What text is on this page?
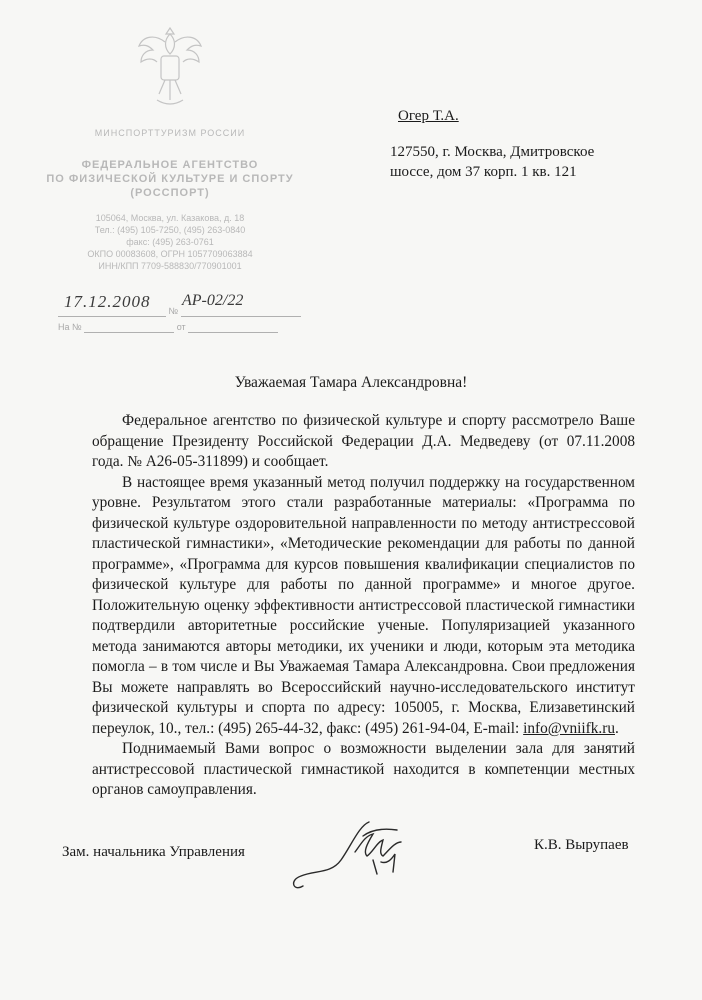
МИНСПОРТТУРИЗМ РОССИИ
ФЕДЕРАЛЬНОЕ АГЕНТСТВО
ПО ФИЗИЧЕСКОЙ КУЛЬТУРЕ И СПОРТУ
(РОССПОРТ)
105064, Москва, ул. Казакова, д. 18
Тел.: (495) 105-7250, (495) 263-0840
факс: (495) 263-0761
ОКПО 00083608, ОГРН 1057709063884
ИНН/КПП 7709-588830/770901001
№
17.12.2008 АР-02/22
На №	от
Огер Т.А.
127550, г. Москва, Дмитровское
шоссе, дом 37 корп. 1 кв. 121
Уважаемая Тамара Александровна!

Федеральное агентство по физической культуре и спорту рассмотрело Ваше обращение Президенту Российской Федерации Д.А. Медведеву (от 07.11.2008 года. № А26-05-311899) и сообщает.

В настоящее время указанный метод получил поддержку на государственном уровне. Результатом этого стали разработанные материалы: «Программа по физической культуре оздоровительной направленности по методу антистрессовой пластической гимнастики», «Методические рекомендации для работы по данной программе», «Программа для курсов повышения квалификации специалистов по физической культуре для работы по данной программе» и многое другое. Положительную оценку эффективности антистрессовой пластической гимнастики подтвердили авторитетные российские ученые. Популяризацией указанного метода занимаются авторы методики, их ученики и люди, которым эта методика помогла – в том числе и Вы Уважаемая Тамара Александровна. Свои предложения Вы можете направлять во Всероссийский научно-исследовательского институт физической культуры и спорта по адресу: 105005, г. Москва, Елизаветинский переулок, 10., тел.: (495) 265-44-32, факс: (495) 261-94-04, E-mail: info@vniifk.ru.

Поднимаемый Вами вопрос о возможности выделении зала для занятий антистрессовой пластической гимнастикой находится в компетенции местных органов самоуправления.

Зам. начальника Управления	К.В. Вырупаев
